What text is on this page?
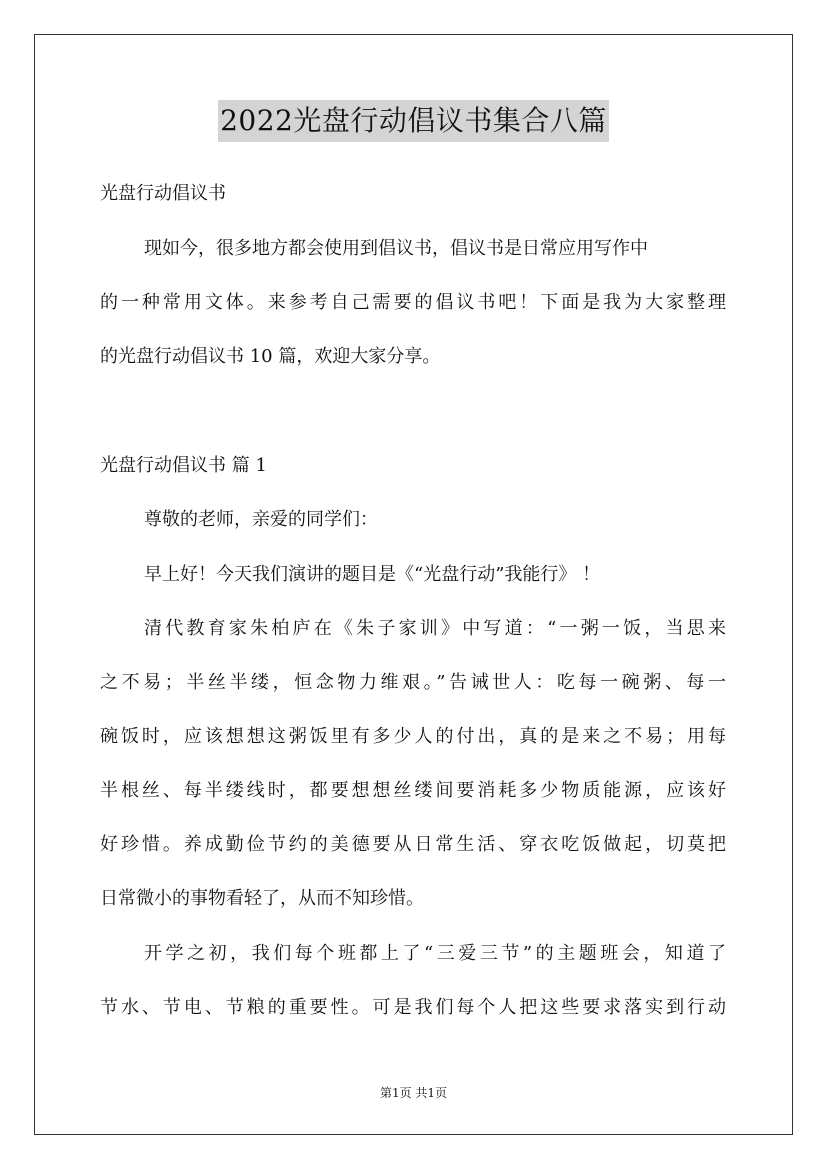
2022光盘行动倡议书集合八篇
光盘行动倡议书
现如今，很多地方都会使用到倡议书，倡议书是日常应用写作中
的一种常用文体。来参考自己需要的倡议书吧！下面是我为大家整理
的光盘行动倡议书 10 篇，欢迎大家分享。
光盘行动倡议书 篇 1
尊敬的老师，亲爱的同学们：
早上好！今天我们演讲的题目是《“光盘行动”我能行》 ！
清代教育家朱柏庐在《朱子家训》中写道：“一粥一饭，当思来
之不易；半丝半缕，恒念物力维艰。”告诫世人：吃每一碗粥、每一
碗饭时，应该想想这粥饭里有多少人的付出，真的是来之不易；用每
半根丝、每半缕线时，都要想想丝缕间要消耗多少物质能源，应该好
好珍惜。养成勤俭节约的美德要从日常生活、穿衣吃饭做起，切莫把
日常微小的事物看轻了，从而不知珍惜。
开学之初，我们每个班都上了“三爱三节”的主题班会，知道了
节水、节电、节粮的重要性。可是我们每个人把这些要求落实到行动
第1页 共1页
